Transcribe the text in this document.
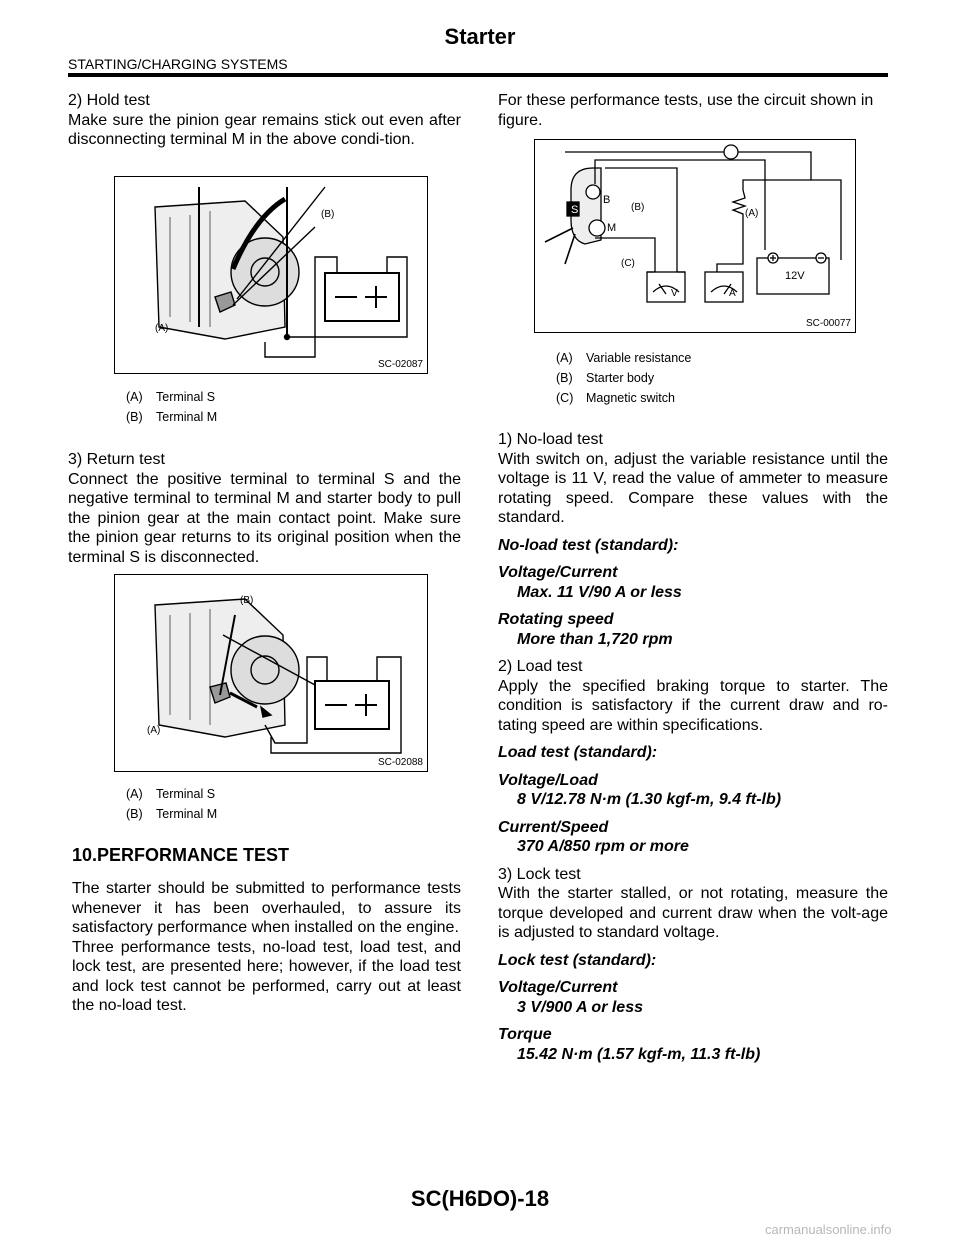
Starter
STARTING/CHARGING SYSTEMS

2) Hold test

Make sure the pinion gear remains stick out even after disconnecting terminal M in the above condi-tion.

(B)
(A)
SC-02087
(A) Terminal S
(B) Terminal M

3) Return test

Connect the positive terminal to terminal S and the negative terminal to terminal M and starter body to pull the pinion gear at the main contact point. Make sure the pinion gear returns to its original position when the terminal S is disconnected.

(B)
(A)
SC-02088
(A) Terminal S
(B) Terminal M
10.PERFORMANCE TEST

The starter should be submitted to performance tests whenever it has been overhauled, to assure its satisfactory performance when installed on the engine.

Three performance tests, no-load test, load test, and lock test, are presented here; however, if the load test and lock test cannot be performed, carry out at least the no-load test.

For these performance tests, use the circuit shown in figure.

S
B
M
(B)
(A)
(C)
V	A
12V
SC-00077
(A) Variable resistance
(B) Starter body
(C) Magnetic switch

1) No-load test

With switch on, adjust the variable resistance until the voltage is 11 V, read the value of ammeter to measure rotating speed. Compare these values with the standard.

No-load test (standard):

Voltage/Current

Max. 11 V/90 A or less

Rotating speed

More than 1,720 rpm

2) Load test

Apply the specified braking torque to starter. The condition is satisfactory if the current draw and ro-tating speed are within specifications.

Load test (standard):

Voltage/Load

8 V/12.78 N·m (1.30 kgf-m, 9.4 ft-lb)

Current/Speed

370 A/850 rpm or more

3) Lock test

With the starter stalled, or not rotating, measure the torque developed and current draw when the volt-age is adjusted to standard voltage.

Lock test (standard):

Voltage/Current

3 V/900 A or less

Torque

15.42 N·m (1.57 kgf-m, 11.3 ft-lb)

SC(H6DO)-18
carmanualsonline.info
